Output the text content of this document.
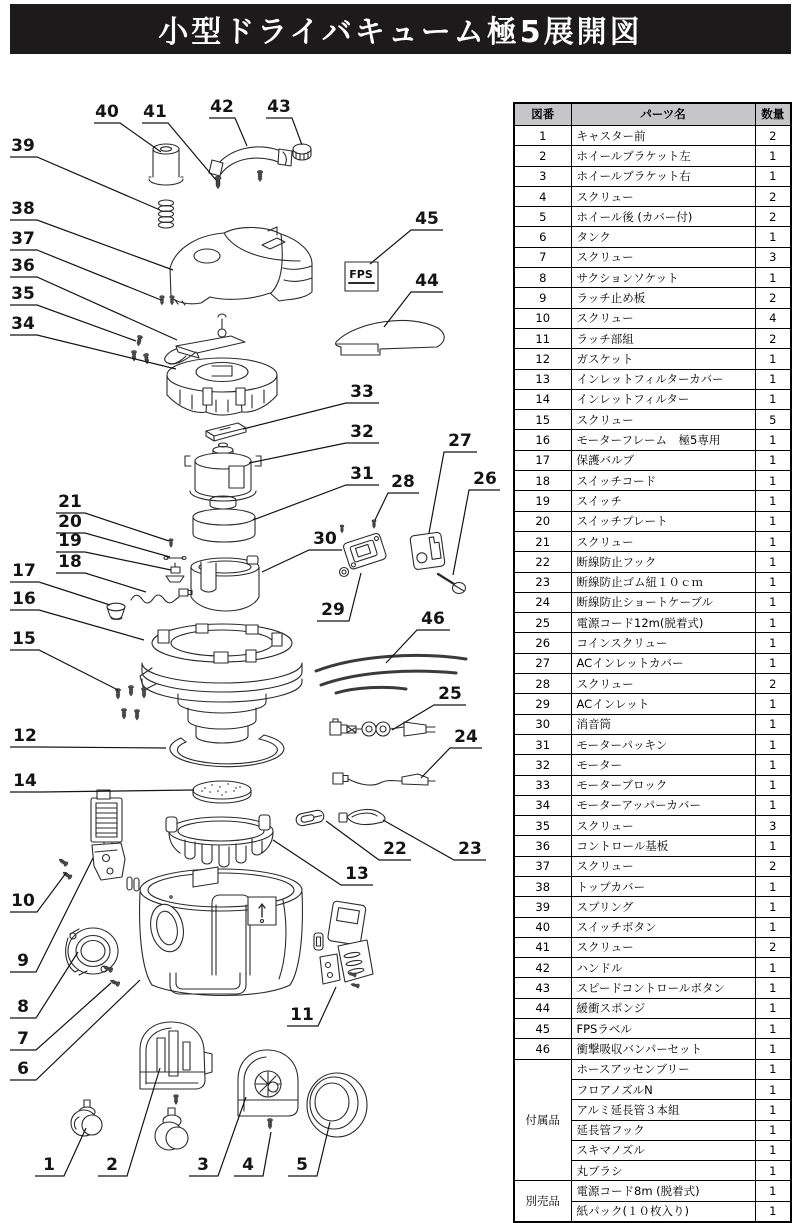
小型ドライバキューム極5展開図
FPS
40 41	42 43
39
38
37
36
35
34
45
44
33
32
31
30
28
27
26
29	46
25
24
21
20
19
18
17
16
15
12
14
22	23
13
10
9
8
7
6
11
1	2	3 4 5
図番	パーツ名	数量
1	キャスター前	2
2	ホイールブラケット左	1
3	ホイールブラケット右	1
4	スクリュー	2
5	ホイール後 (カバー付)	2
6	タンク	1
7	スクリュー	3
8	サクションソケット	1
9	ラッチ止め板	2
10	スクリュー	4
11	ラッチ部組	2
12	ガスケット	1
13	インレットフィルターカバー	1
14	インレットフィルター	1
15	スクリュー	5
16	モーターフレーム　極5専用	1
17	保護バルブ	1
18	スイッチコード	1
19	スイッチ	1
20	スイッチプレート	1
21	スクリュー	1
22	断線防止フック	1
23	断線防止ゴム紐１０ｃｍ	1
24	断線防止ショートケーブル	1
25	電源コード12m(脱着式)	1
26	コインスクリュー	1
27	ACインレットカバー	1
28	スクリュー	2
29	ACインレット	1
30	消音筒	1
31	モーターパッキン	1
32	モーター	1
33	モーターブロック	1
34	モーターアッパーカバー	1
35	スクリュー	3
36	コントロール基板	1
37	スクリュー	2
38	トップカバー	1
39	スプリング	1
40	スイッチボタン	1
41	スクリュー	2
42	ハンドル	1
43	スピードコントロールボタン	1
44	緩衝スポンジ	1
45	FPSラベル	1
46	衝撃吸収バンパーセット	1
付属品	ホースアッセンブリー	1
	フロアノズルN	1
	アルミ延長管３本組	1
	延長管フック	1
	スキマノズル	1
	丸ブラシ	1
別売品	電源コード8m (脱着式)	1
	紙パック(１０枚入り)	1
